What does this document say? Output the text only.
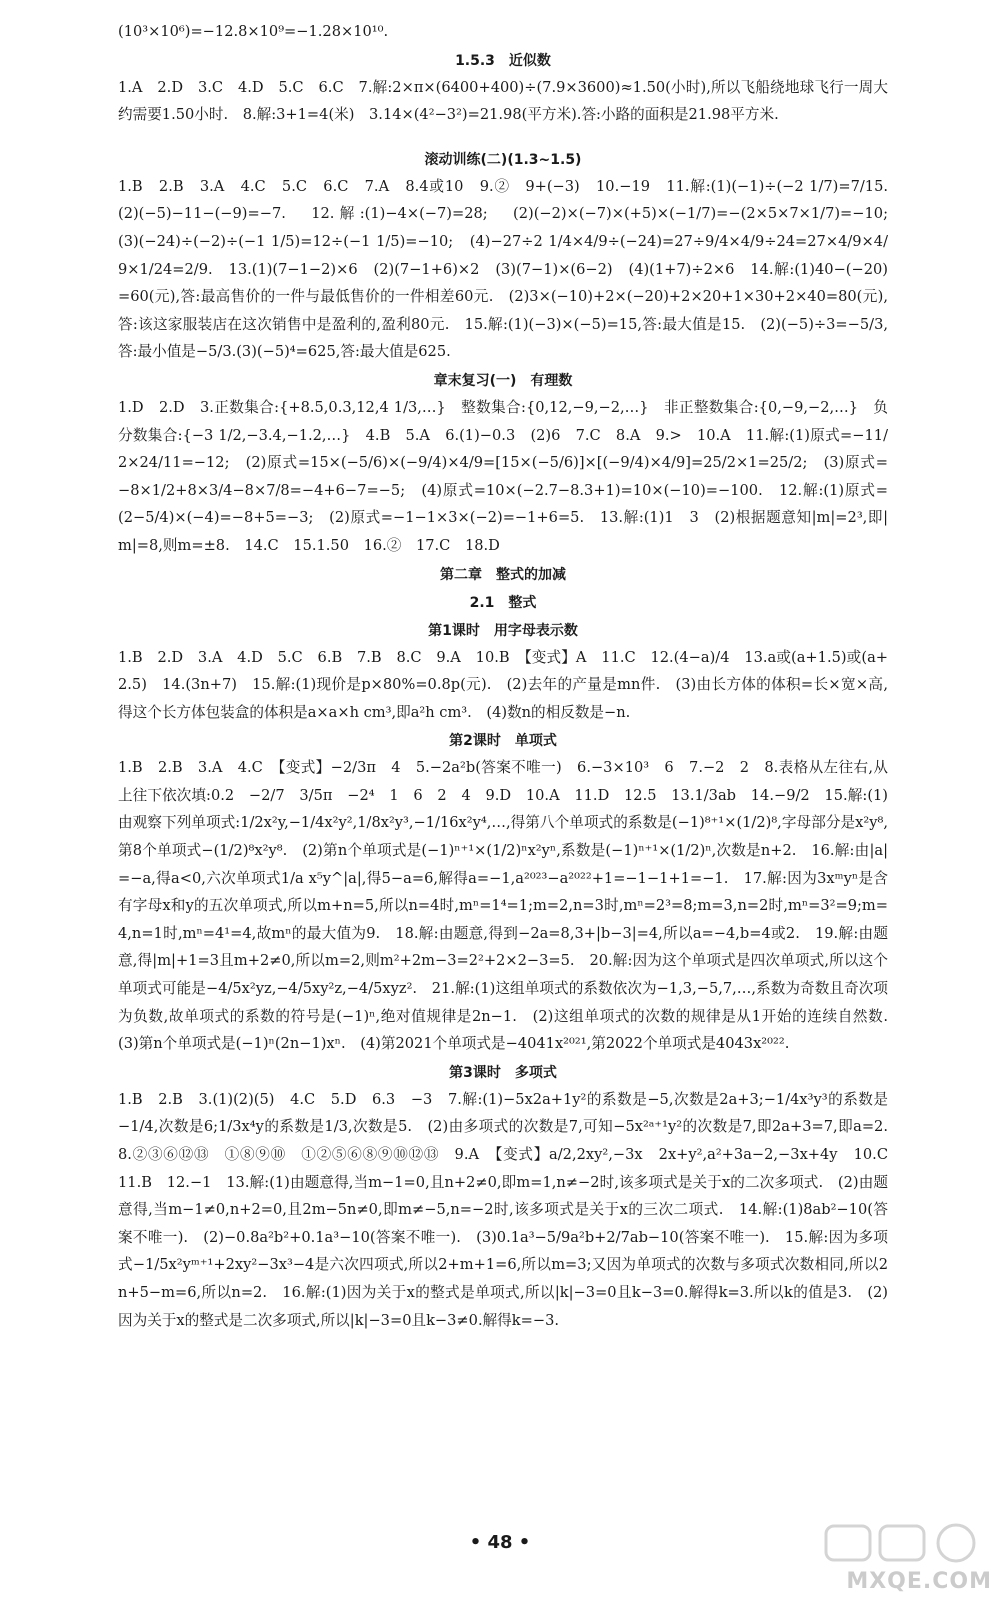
(10³×10⁶)=−12.8×10⁹=−1.28×10¹⁰.

1.5.3　近似数

1.A　2.D　3.C　4.D　5.C　6.C　7.解:2×π×(6400+400)÷(7.9×3600)≈1.50(小时),所以飞船绕地球飞行一周大约需要1.50小时.　8.解:3+1=4(米)　3.14×(4²−3²)=21.98(平方米).答:小路的面积是21.98平方米.

滚动训练(二)(1.3~1.5)

1.B　2.B　3.A　4.C　5.C　6.C　7.A　8.4或10　9.②　9+(−3)　10.−19　11.解:(1)(−1)÷(−2 1/7)=7/15.　(2)(−5)−11−(−9)=−7.　12.解:(1)−4×(−7)=28;　(2)(−2)×(−7)×(+5)×(−1/7)=−(2×5×7×1/7)=−10;　(3)(−24)÷(−2)÷(−1 1/5)=12÷(−1 1/5)=−10;　(4)−27÷2 1/4×4/9÷(−24)=27÷9/4×4/9÷24=27×4/9×4/9×1/24=2/9.　13.(1)(7−1−2)×6　(2)(7−1+6)×2　(3)(7−1)×(6−2)　(4)(1+7)÷2×6　14.解:(1)40−(−20)=60(元),答:最高售价的一件与最低售价的一件相差60元.　(2)3×(−10)+2×(−20)+2×20+1×30+2×40=80(元),答:该这家服装店在这次销售中是盈利的,盈利80元.　15.解:(1)(−3)×(−5)=15,答:最大值是15.　(2)(−5)÷3=−5/3,答:最小值是−5/3.(3)(−5)⁴=625,答:最大值是625.

章末复习(一)　有理数

1.D　2.D　3.正数集合:{+8.5,0.3,12,4 1/3,…}　整数集合:{0,12,−9,−2,…}　非正整数集合:{0,−9,−2,…}　负分数集合:{−3 1/2,−3.4,−1.2,…}　4.B　5.A　6.(1)−0.3　(2)6　7.C　8.A　9.>　10.A　11.解:(1)原式=−11/2×24/11=−12;　(2)原式=15×(−5/6)×(−9/4)×4/9=[15×(−5/6)]×[(−9/4)×4/9]=25/2×1=25/2;　(3)原式=−8×1/2+8×3/4−8×7/8=−4+6−7=−5;　(4)原式=10×(−2.7−8.3+1)=10×(−10)=−100.　12.解:(1)原式=(2−5/4)×(−4)=−8+5=−3;　(2)原式=−1−1×3×(−2)=−1+6=5.　13.解:(1)1　3　(2)根据题意知|m|=2³,即|m|=8,则m=±8.　14.C　15.1.50　16.②　17.C　18.D

第二章　整式的加减
2.1　整式
第1课时　用字母表示数

1.B　2.D　3.A　4.D　5.C　6.B　7.B　8.C　9.A　10.B　【变式】A　11.C　12.(4−a)/4　13.a或(a+1.5)或(a+2.5)　14.(3n+7)　15.解:(1)现价是p×80%=0.8p(元).　(2)去年的产量是mn件.　(3)由长方体的体积=长×宽×高,得这个长方体包装盒的体积是a×a×h cm³,即a²h cm³.　(4)数n的相反数是−n.

第2课时　单项式

1.B　2.B　3.A　4.C　【变式】−2/3π　4　5.−2a²b(答案不唯一)　6.−3×10³　6　7.−2　2　8.表格从左往右,从上往下依次填:0.2　−2/7　3/5π　−2⁴　1　6　2　4　9.D　10.A　11.D　12.5　13.1/3ab　14.−9/2　15.解:(1)由观察下列单项式:1/2x²y,−1/4x²y²,1/8x²y³,−1/16x²y⁴,…,得第八个单项式的系数是(−1)⁸⁺¹×(1/2)⁸,字母部分是x²y⁸,第8个单项式−(1/2)⁸x²y⁸.　(2)第n个单项式是(−1)ⁿ⁺¹×(1/2)ⁿx²yⁿ,系数是(−1)ⁿ⁺¹×(1/2)ⁿ,次数是n+2.　16.解:由|a|=−a,得a<0,六次单项式1/a x⁵y^|a|,得5−a=6,解得a=−1,a²⁰²³−a²⁰²²+1=−1−1+1=−1.　17.解:因为3xᵐyⁿ是含有字母x和y的五次单项式,所以m+n=5,所以n=4时,mⁿ=1⁴=1;m=2,n=3时,mⁿ=2³=8;m=3,n=2时,mⁿ=3²=9;m=4,n=1时,mⁿ=4¹=4,故mⁿ的最大值为9.　18.解:由题意,得到−2a=8,3+|b−3|=4,所以a=−4,b=4或2.　19.解:由题意,得|m|+1=3且m+2≠0,所以m=2,则m²+2m−3=2²+2×2−3=5.　20.解:因为这个单项式是四次单项式,所以这个单项式可能是−4/5x²yz,−4/5xy²z,−4/5xyz².　21.解:(1)这组单项式的系数依次为−1,3,−5,7,…,系数为奇数且奇次项为负数,故单项式的系数的符号是(−1)ⁿ,绝对值规律是2n−1.　(2)这组单项式的次数的规律是从1开始的连续自然数.　(3)第n个单项式是(−1)ⁿ(2n−1)xⁿ.　(4)第2021个单项式是−4041x²⁰²¹,第2022个单项式是4043x²⁰²².

第3课时　多项式

1.B　2.B　3.(1)(2)(5)　4.C　5.D　6.3　−3　7.解:(1)−5x2a+1y²的系数是−5,次数是2a+3;−1/4x³y³的系数是−1/4,次数是6;1/3x⁴y的系数是1/3,次数是5.　(2)由多项式的次数是7,可知−5x²ᵃ⁺¹y²的次数是7,即2a+3=7,即a=2.　8.②③⑥⑫⑬　①⑧⑨⑩　①②⑤⑥⑧⑨⑩⑫⑬　9.A　【变式】a/2,2xy²,−3x　2x+y²,a²+3a−2,−3x+4y　10.C　11.B　12.−1　13.解:(1)由题意得,当m−1=0,且n+2≠0,即m=1,n≠−2时,该多项式是关于x的二次多项式.　(2)由题意得,当m−1≠0,n+2=0,且2m−5n≠0,即m≠−5,n=−2时,该多项式是关于x的三次二项式.　14.解:(1)8ab²−10(答案不唯一).　(2)−0.8a²b²+0.1a³−10(答案不唯一).　(3)0.1a³−5/9a²b+2/7ab−10(答案不唯一).　15.解:因为多项式−1/5x²yᵐ⁺¹+2xy²−3x³−4是六次四项式,所以2+m+1=6,所以m=3;又因为单项式的次数与多项式次数相同,所以2n+5−m=6,所以n=2.　16.解:(1)因为关于x的整式是单项式,所以|k|−3=0且k−3=0.解得k=3.所以k的值是3.　(2)因为关于x的整式是二次多项式,所以|k|−3=0且k−3≠0.解得k=−3.

• 48 •
MXQE.COM
